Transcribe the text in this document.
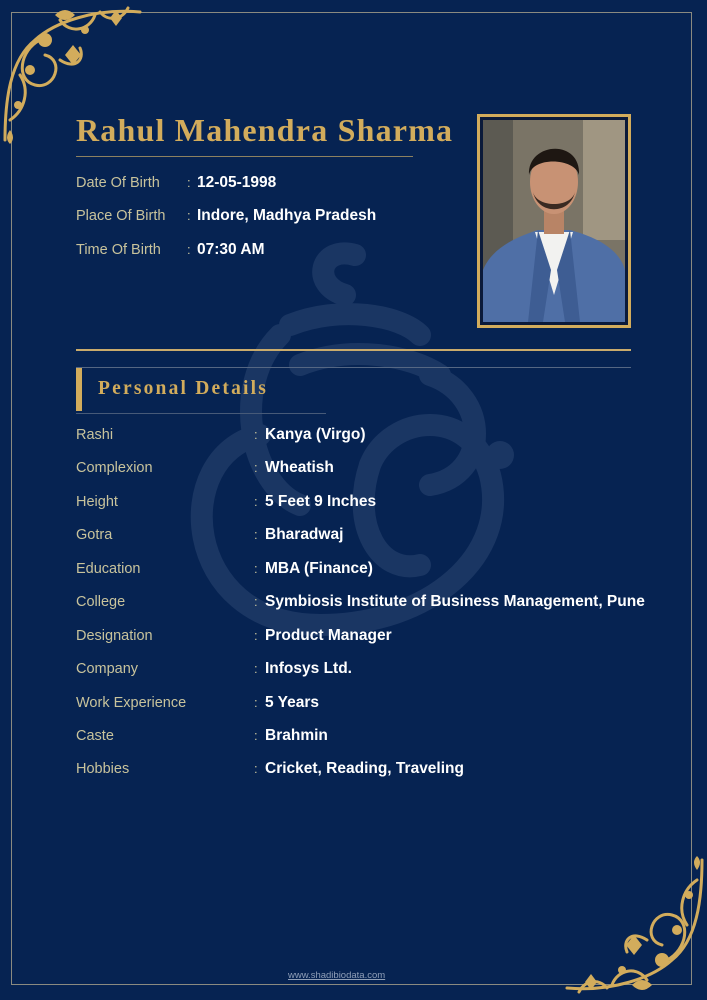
Rahul Mahendra Sharma
Date Of Birth	: 12-05-1998
Place Of Birth	: Indore, Madhya Pradesh
Time Of Birth	: 07:30 AM
Personal Details
Rashi	: Kanya (Virgo)
Complexion	: Wheatish
Height	: 5 Feet 9 Inches
Gotra	: Bharadwaj
Education	: MBA (Finance)
College	: Symbiosis Institute of Business Management, Pune
Designation	: Product Manager
Company	: Infosys Ltd.
Work Experience	: 5 Years
Caste	: Brahmin
Hobbies	: Cricket, Reading, Traveling
www.shadibiodata.com
